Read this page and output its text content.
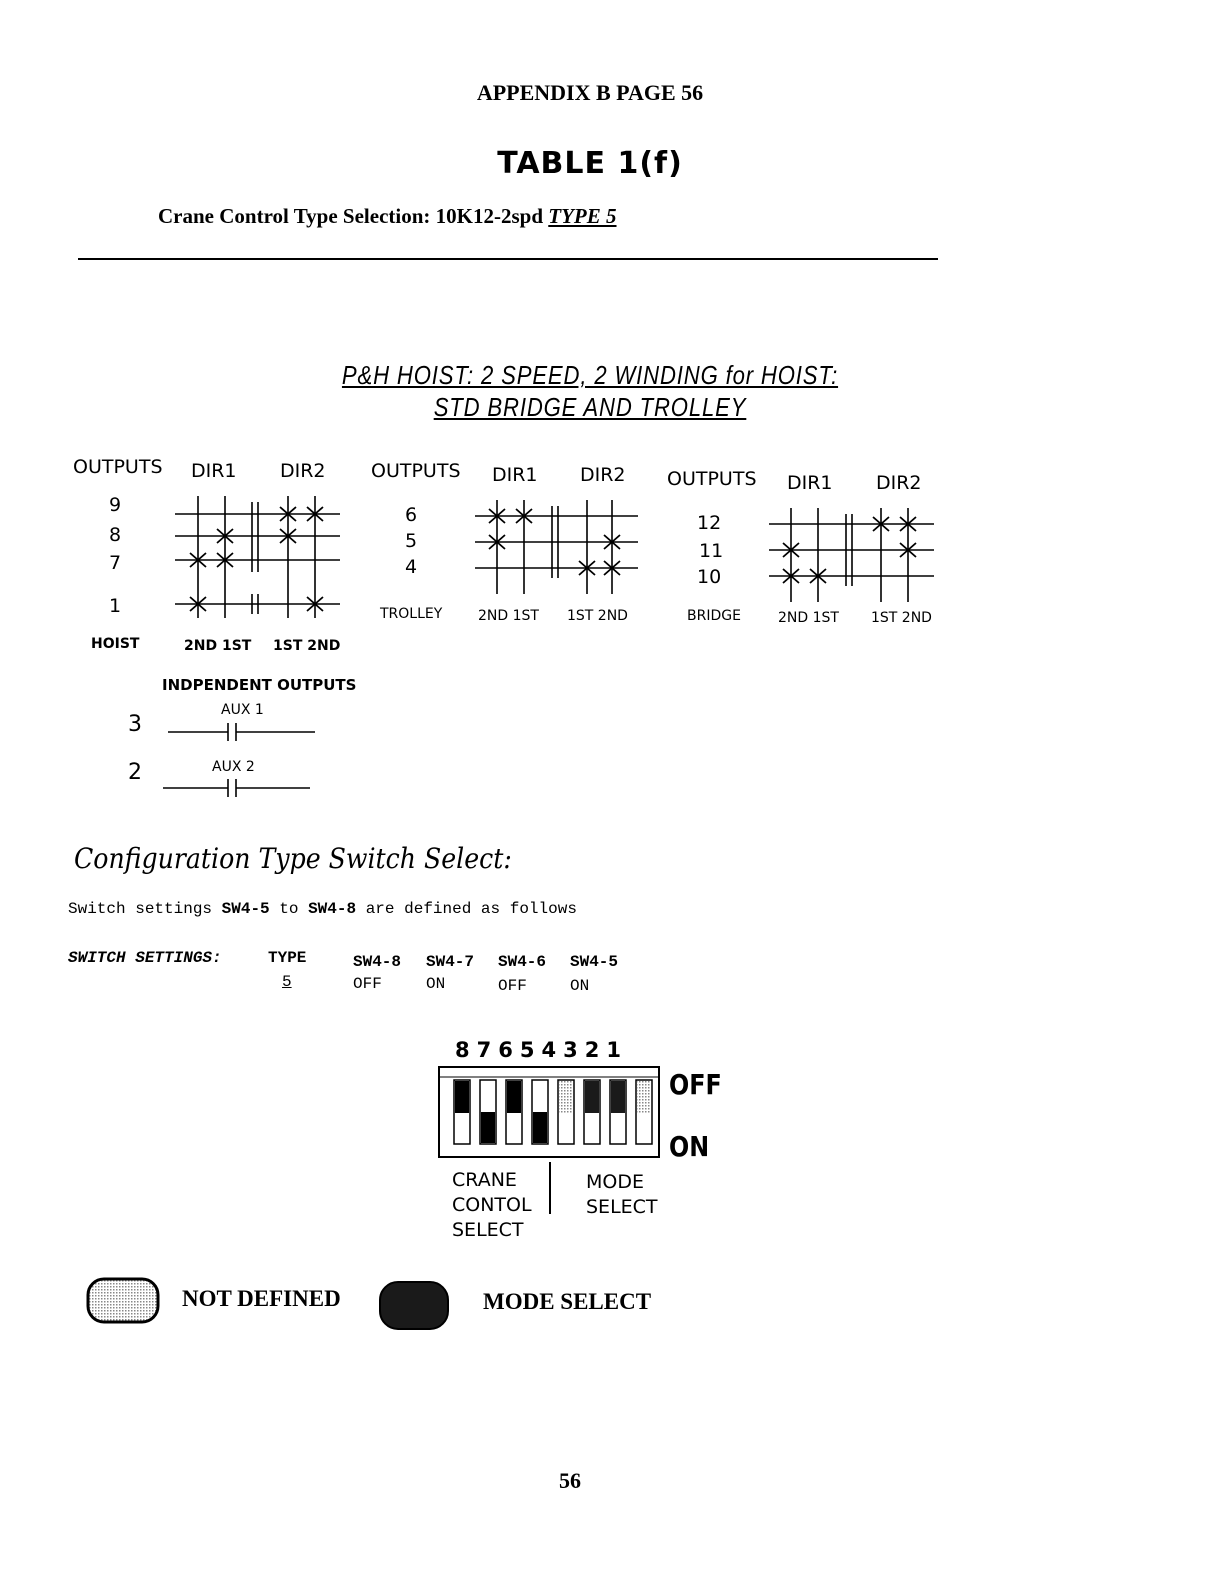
APPENDIX B PAGE 56
TABLE 1(f)
Crane Control Type Selection: 10K12-2spd TYPE 5
P&H HOIST: 2 SPEED, 2 WINDING for HOIST:
STD BRIDGE AND TROLLEY
OUTPUTS DIR1 DIR2
9
8
7
1
HOIST	2ND 1ST 1ST 2ND
INDPENDENT OUTPUTS
AUX 1
3
AUX 2
2
OUTPUTS DIR1 DIR2
6
5
4
TROLLEY	2ND 1ST 1ST 2ND
OUTPUTS DIR1 DIR2
12
11
10
BRIDGE	2ND 1ST 1ST 2ND
Configuration Type Switch Select:
Switch settings SW4-5 to SW4-8 are defined as follows
SWITCH SETTINGS:	TYPE	SW4-8 SW4-7 SW4-6 SW4-5
5	OFF	ON	OFF	ON
87654321
OFF
ON
CRANE
CONTOL
SELECT
MODE
SELECT
NOT DEFINED	MODE SELECT
56
